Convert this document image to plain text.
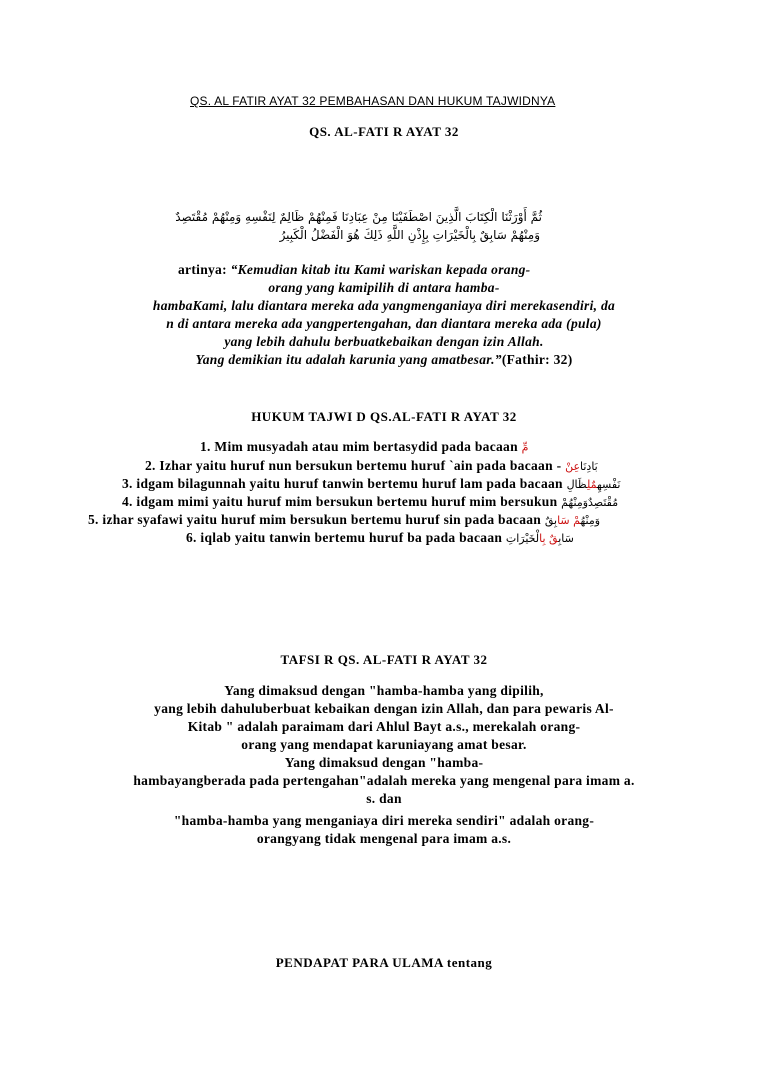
QS. AL FATIR AYAT 32 PEMBAHASAN DAN HUKUM TAJWIDNYA
QS. AL-FATI R AYAT 32
ثُمَّ أَوْرَثْنَا الْكِتَابَ الَّذِينَ اصْطَفَيْنَا مِنْ عِبَادِنَا فَمِنْهُمْ ظَالِمٌ لِنَفْسِهِ وَمِنْهُمْ مُقْتَصِدٌ
وَمِنْهُمْ سَابِقٌ بِالْخَيْرَاتِ بِإِذْنِ اللَّهِ ذَلِكَ هُوَ الْفَضْلُ الْكَبِيرُ
artinya: “Kemudian kitab itu Kami wariskan kepada orang-
orang yang kamipilih di antara hamba-
hambaKami, lalu diantara mereka ada yangmenganiaya diri merekasendiri, da
n di antara mereka ada yangpertengahan, dan diantara mereka ada (pula)
yang lebih dahulu berbuatkebaikan dengan izin Allah.
Yang demikian itu adalah karunia yang amatbesar.”(Fathir: 32)
HUKUM TAJWI D QS.AL-FATI R AYAT 32
1. Mim musyadah atau mim bertasydid pada bacaan مِّ
2. Izhar yaitu huruf nun bersukun bertemu huruf `ain pada bacaan - بَادِنَاعِنْ
3. idgam bilagunnah yaitu huruf tanwin bertemu huruf lam pada bacaan	نَفْسِهِمٌلِظَالِ
4. idgam mimi yaitu huruf mim bersukun bertemu huruf mim bersukun مُقْتَصِدٌوَمِنْهُمْ
5. izhar syafawi yaitu huruf mim bersukun bertemu huruf sin pada bacaan	وَمِنْهُمْ سَابِقٌ
6. iqlab yaitu tanwin bertemu huruf ba pada bacaan	سَابِقٌ بِالْخَيْرَاتِ
TAFSI R QS. AL-FATI R AYAT 32
Yang dimaksud dengan "hamba-hamba yang dipilih,
yang lebih dahuluberbuat kebaikan dengan izin Allah, dan para pewaris Al-
Kitab " adalah paraimam dari Ahlul Bayt a.s., merekalah orang-
orang yang mendapat karuniayang amat besar.
Yang dimaksud dengan "hamba-
hambayangberada pada pertengahan"adalah mereka yang mengenal para imam a.
s. dan
"hamba-hamba yang menganiaya diri mereka sendiri" adalah orang-
orangyang tidak mengenal para imam a.s.
PENDAPAT PARA ULAMA tentang
